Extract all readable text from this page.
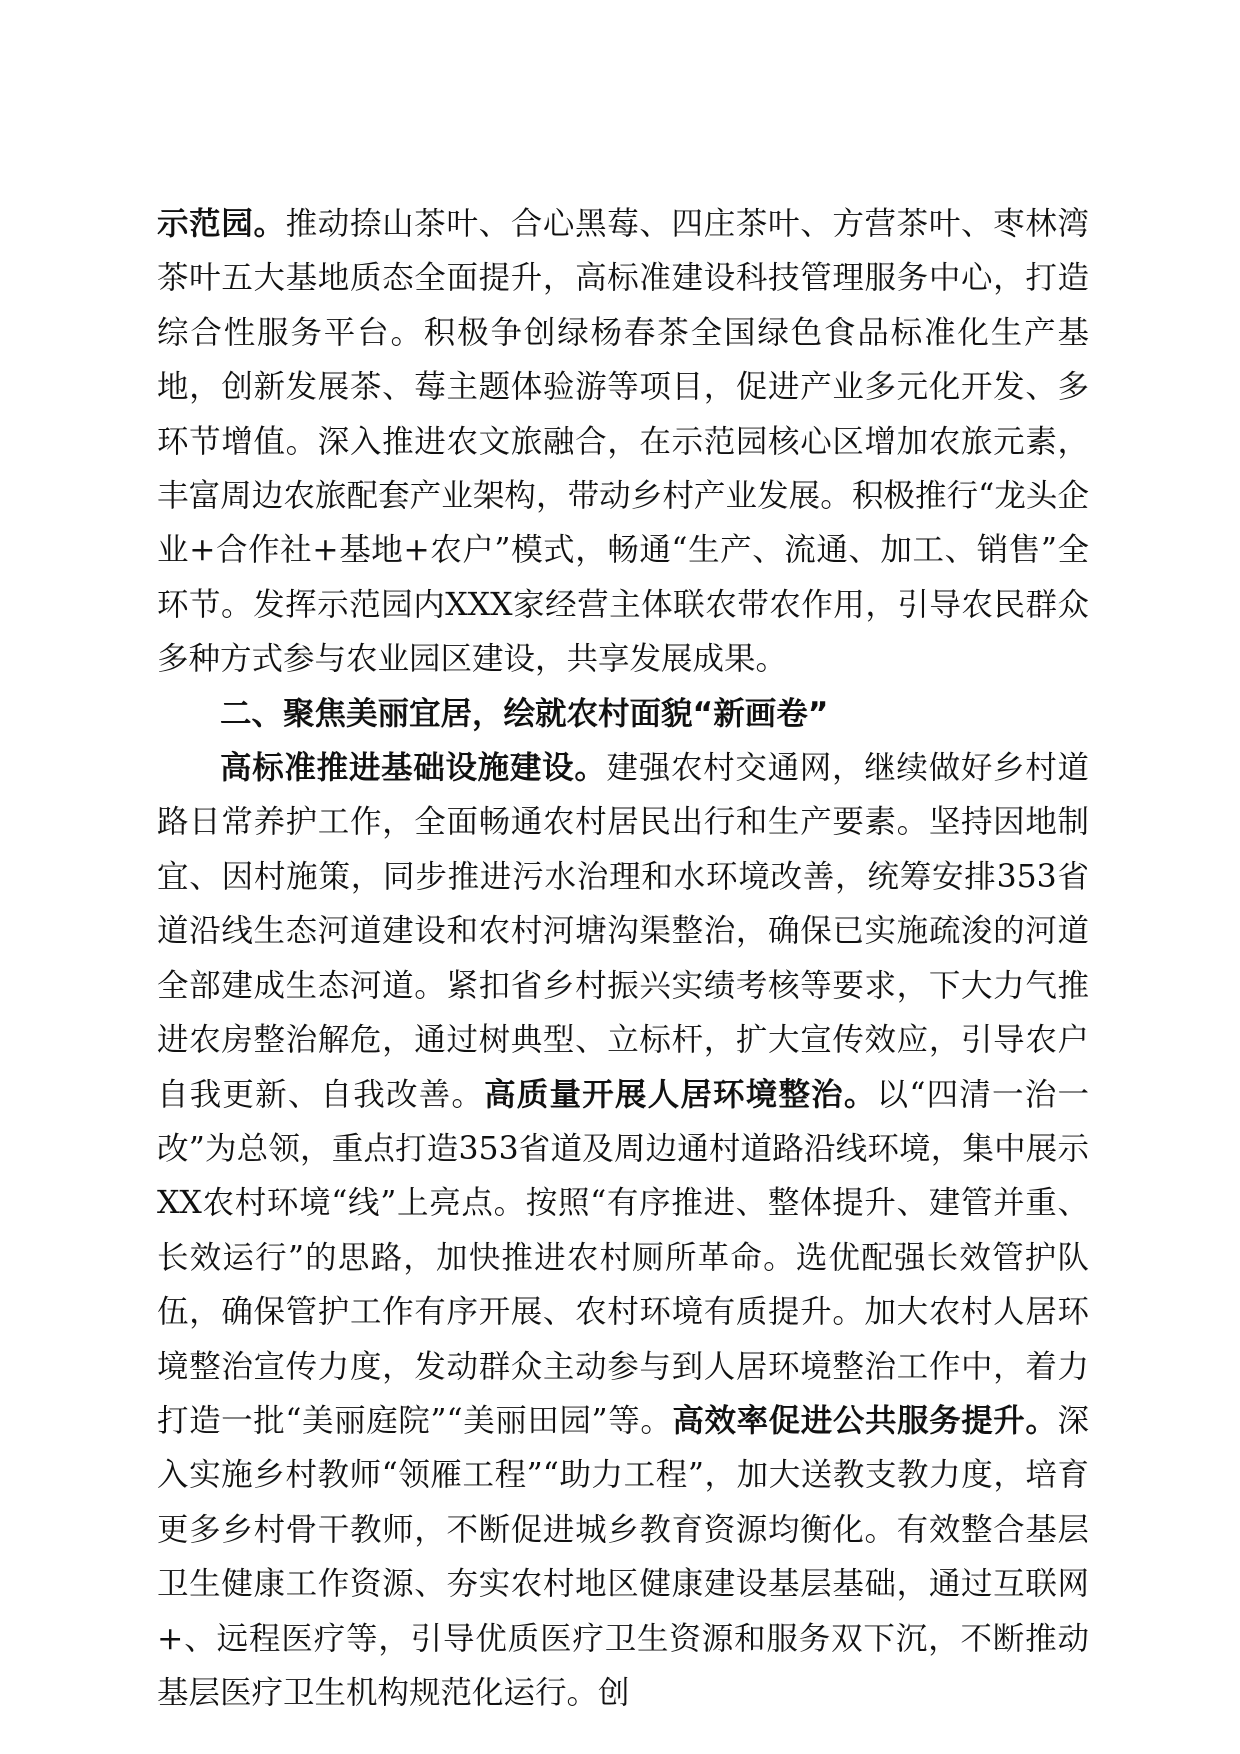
示范园。推动捺山茶叶、合心黑莓、四庄茶叶、方营茶叶、枣林湾茶叶五大基地质态全面提升，高标准建设科技管理服务中心，打造综合性服务平台。积极争创绿杨春茶全国绿色食品标准化生产基地，创新发展茶、莓主题体验游等项目，促进产业多元化开发、多环节增值。深入推进农文旅融合，在示范园核心区增加农旅元素，丰富周边农旅配套产业架构，带动乡村产业发展。积极推行“龙头企业+合作社+基地+农户”模式，畅通“生产、流通、加工、销售”全环节。发挥示范园内XXX家经营主体联农带农作用，引导农民群众多种方式参与农业园区建设，共享发展成果。

二、聚焦美丽宜居，绘就农村面貌“新画卷”

高标准推进基础设施建设。建强农村交通网，继续做好乡村道路日常养护工作，全面畅通农村居民出行和生产要素。坚持因地制宜、因村施策，同步推进污水治理和水环境改善，统筹安排353省道沿线生态河道建设和农村河塘沟渠整治，确保已实施疏浚的河道全部建成生态河道。紧扣省乡村振兴实绩考核等要求，下大力气推进农房整治解危，通过树典型、立标杆，扩大宣传效应，引导农户自我更新、自我改善。高质量开展人居环境整治。以“四清一治一改”为总领，重点打造353省道及周边通村道路沿线环境，集中展示XX农村环境“线”上亮点。按照“有序推进、整体提升、建管并重、长效运行”的思路，加快推进农村厕所革命。选优配强长效管护队伍，确保管护工作有序开展、农村环境有质提升。加大农村人居环境整治宣传力度，发动群众主动参与到人居环境整治工作中，着力打造一批“美丽庭院”“美丽田园”等。高效率促进公共服务提升。深入实施乡村教师“领雁工程”“助力工程”，加大送教支教力度，培育更多乡村骨干教师，不断促进城乡教育资源均衡化。有效整合基层卫生健康工作资源、夯实农村地区健康建设基层基础，通过互联网+、远程医疗等，引导优质医疗卫生资源和服务双下沉，不断推动基层医疗卫生机构规范化运行。创
